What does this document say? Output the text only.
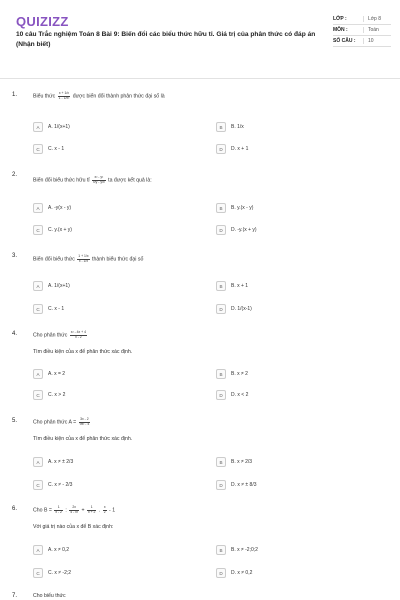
QUIZIZZ
10 câu Trắc nghiệm Toán 8 Bài 9: Biến đổi các biểu thức hữu tỉ. Giá trị của phân thức có đáp án (Nhận biết)
LỚP :	Lớp 8
MÔN :	Toán
SỐ CÂU :	10
1.	Biểu thức $\frac{x + 1/x}{\text{1 - 1/x²}}$ được biến đổi thành phân thức đại số là
A	A. 1/(x+1)	B	B. 1/x
C	C. x - 1	D	D. x + 1
2.
Biến đổi biểu thức hữu tỉ $\frac{\text{x² - y²}}{x/y - y/x}$ ta được kết quả là:
A	A. -y(x - y)	B	B. y.(x - y)
C	C. y.(x + y)	D	D. -y.(x + y)
3.
Biến đổi biểu thức $\frac{1 + 1/x}{x - 1/x}$ thành biểu thức đại số
A	A. 1/(x+1)	B	B. x + 1
C	C. x - 1	D	D. 1/(x-1)
4.	Cho phân thức $\frac{\text{x² - 4x + 4}}{x - 2}$
Tìm điều kiện của x để phân thức xác định.
A	A. x = 2	B	B. x ≠ 2
C	C. x > 2	D	D. x < 2
5.	Cho phân thức $A = \frac{3x - 2}{\text{9x² - 4}}$
Tìm điều kiện của x để phân thức xác định.
A	A. x ≠ ± 2/3	B	B. x ≠ 2/3
C	C. x ≠ - 2/3	D	D. x ≠ ± 8/3
6.	Cho $B = \frac{1}{x - 2}$ : $\frac{2x}{\text{4 - x²}} + \frac{1}{x + 2}$ . $\frac{x}{2} - 1$
Với giá trị nào của x để B xác định:
A	A. x ≠ 0,2	B	B. x ≠ -2;0;2
C	C. x ≠ -2;2	D	D. x ≠ 0,2
7.	Cho biểu thức
